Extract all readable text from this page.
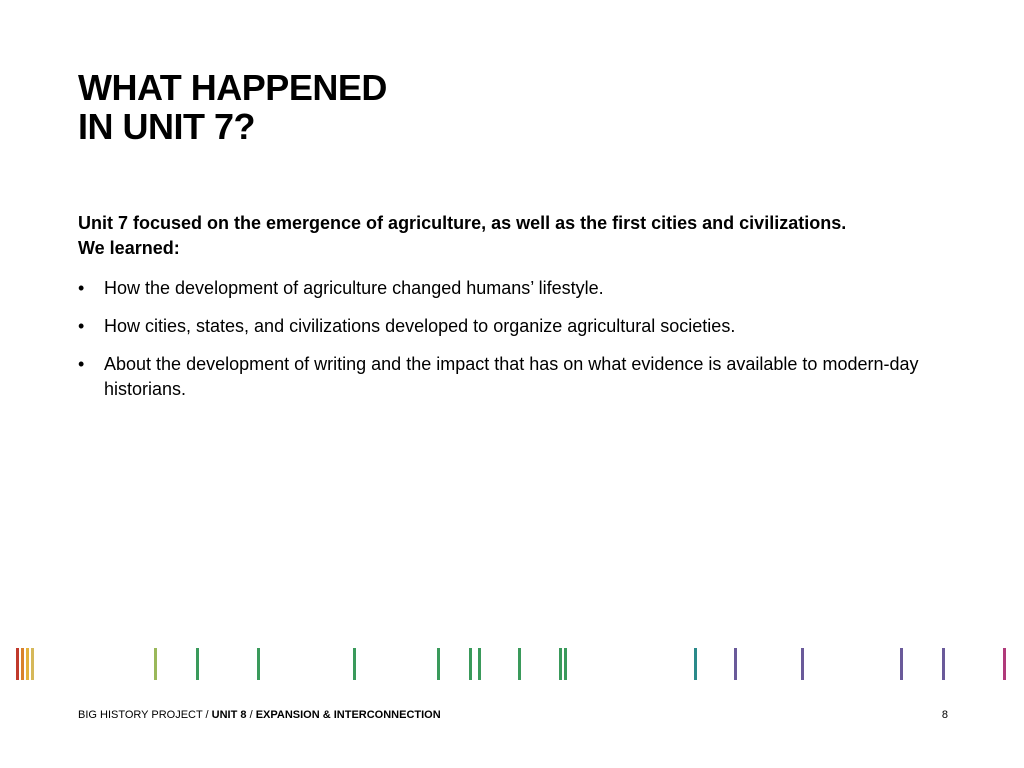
WHAT HAPPENED
IN UNIT 7?

Unit 7 focused on the emergence of agriculture, as well as the first cities and civilizations.
We learned:

• How the development of agriculture changed humans’ lifestyle.
• How cities, states, and civilizations developed to organize agricultural societies.
• About the development of writing and the impact that has on what evidence is available to modern-day historians.
BIG HISTORY PROJECT / UNIT 8 / EXPANSION & INTERCONNECTION	8
